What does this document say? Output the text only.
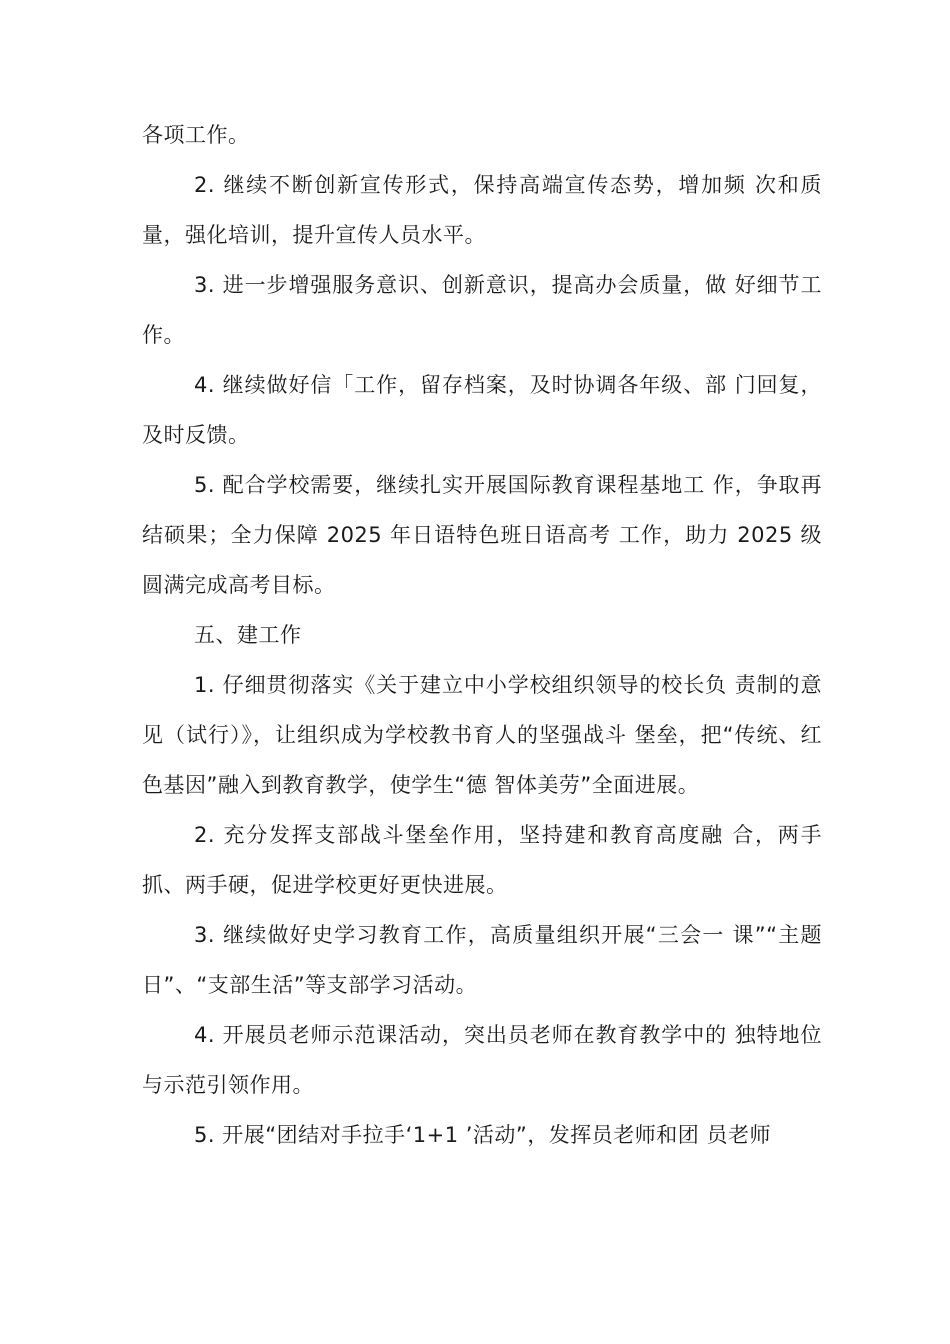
各项工作。

2. 继续不断创新宣传形式，保持高端宣传态势，增加频 次和质量，强化培训，提升宣传人员水平。

3. 进一步增强服务意识、创新意识，提高办会质量，做 好细节工作。

4. 继续做好信「工作，留存档案，及时协调各年级、部 门回复，及时反馈。

5. 配合学校需要，继续扎实开展国际教育课程基地工 作，争取再结硕果；全力保障 2025 年日语特色班日语高考 工作，助力 2025 级圆满完成高考目标。

五、建工作

1. 仔细贯彻落实《关于建立中小学校组织领导的校长负 责制的意见（试行）》，让组织成为学校教书育人的坚强战斗 堡垒，把“传统、红色基因”融入到教育教学，使学生“德 智体美劳”全面进展。

2. 充分发挥支部战斗堡垒作用，坚持建和教育高度融 合，两手抓、两手硬，促进学校更好更快进展。

3. 继续做好史学习教育工作，高质量组织开展“三会一 课”“主题日”、“支部生活”等支部学习活动。

4. 开展员老师示范课活动，突出员老师在教育教学中的 独特地位与示范引领作用。

5. 开展“团结对手拉手‘1+1 ’活动”，发挥员老师和团 员老师
